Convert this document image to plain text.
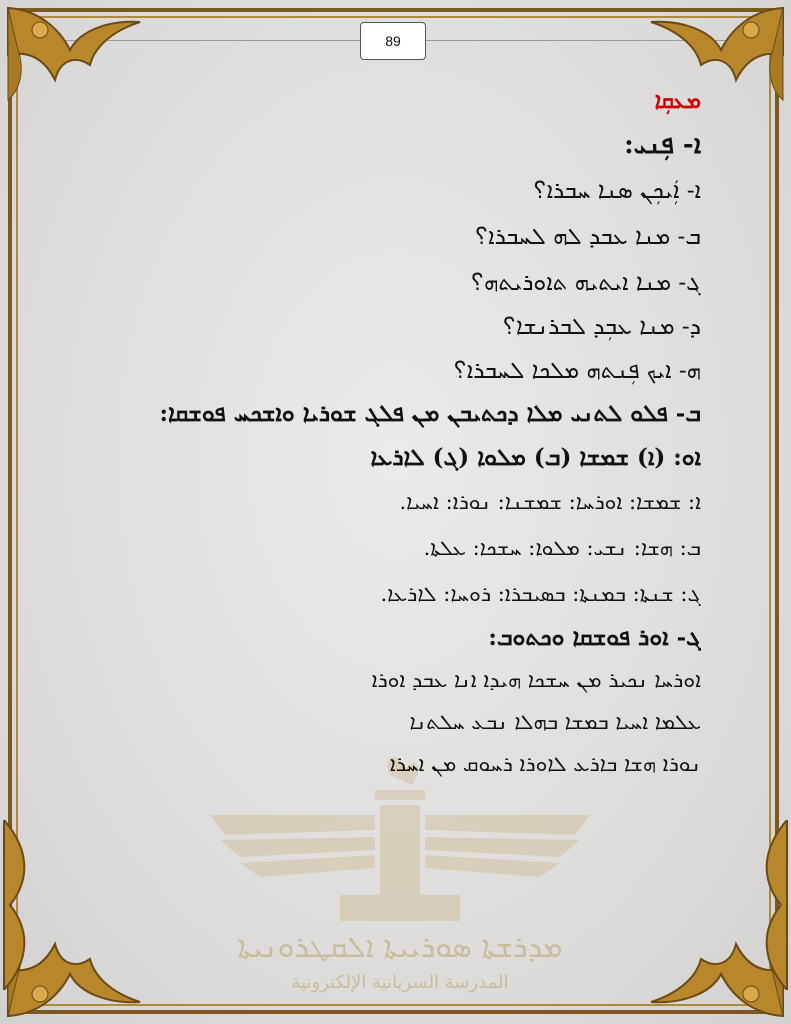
89
ܡܕܪܫܬܐ ܣܘܪܝܝܬܐ ܐܠܩܛܪܘܢܝܬܐ
المدرسة السريانية الإلكترونية
ܡܥܩܼܐ
ܐ- ܦܼܢܝ:
ܐ- ܐܲܝܟܼܢ ܣܢܐ ܚܒܪܐ؟
ܒ- ܡܢܐ ܥܒܕ ܠܗ ܠܚܒܪܐ؟
ܓ- ܡܢܐ ܐܝܬܝܗ ܬܐܘܪܝܬܗ؟
ܕ- ܡܢܐ ܥܒܼܕ ܠܒܪܢܫܐ؟
ܗ- ܐܝܟ ܦܼܢܬܗ ܡܠܟܐ ܠܚܒܪܐ؟
ܒ- ܦܠܘ ܠܬܢܝ ܡܠܐ ܕܟܬܝܒܢ ܡܢ ܦܠܓ ܫܘܪܝܐ ܘܐܫܟܚ ܦܘܫܩܐ:
ܐܘ: (ܐ) ܫܡܫܐ (ܒ) ܡܠܘܐ (ܓ) ܠܐܪܥܐ
ܐ: ܫܡܫܐ: ܐܘܪܚܐ: ܫܡܫܢܐ: ܢܘܪܐ: ܐܚܝܐ.
ܒ: ܗܫܐ: ܢܫܝ: ܡܠܘܐ: ܚܫܟܐ: ܥܠܬܐ.
ܓ: ܫܢܬܐ: ܒܡܢܬܐ: ܒܣܝܒܪܐ: ܪܘܚܐ: ܠܐܪܥܐ.
ܓ- ܐܘܪ ܦܘܫܩܐ ܘܟܬܘܒ:
ܐܘܪܚܐ ܢܟܝܪ ܡܢ ܚܫܟܐ ܗܝܕܐ ܐܢܐ ܥܒܕ ܐܘܪܐ
ܥܠܡܐ ܐܚܝܐ ܒܡܫܐ ܒܗܠܐ ܢܒܥ ܚܠܬܢܐ
ܢܘܪܐ ܗܫܐ ܒܐܪܥ ܠܐܘܪܐ ܪܚܘܩ ܡܢ ܐܚܪܐ
